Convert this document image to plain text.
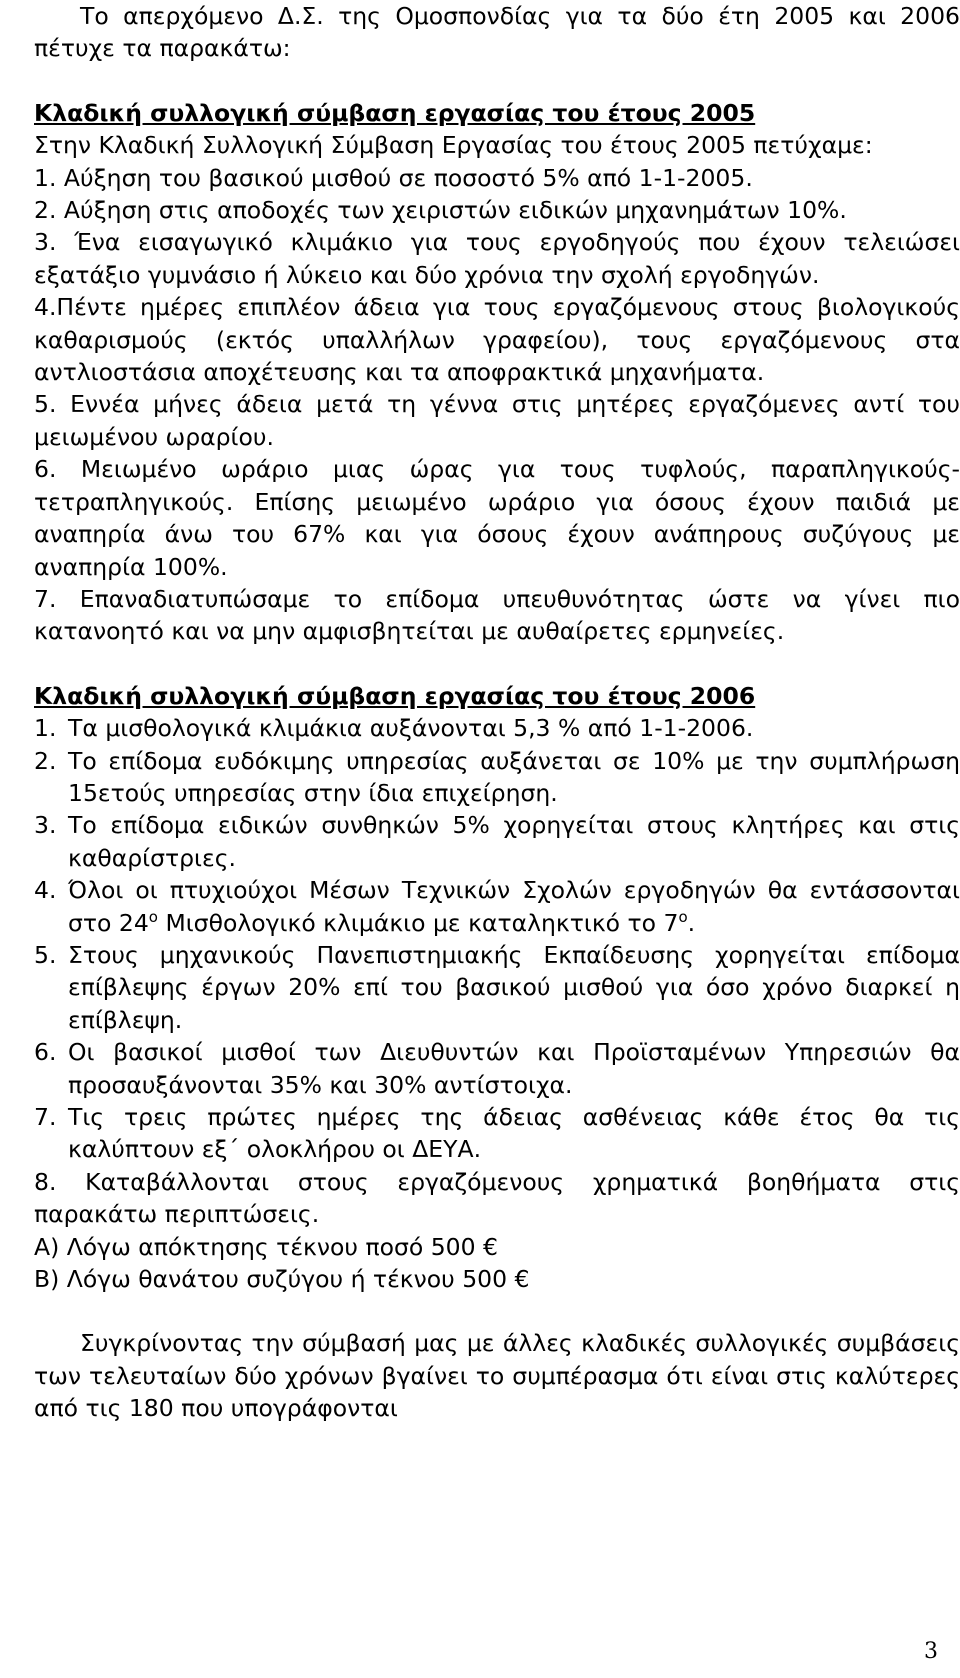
Το απερχόμενο Δ.Σ. της Ομοσπονδίας για τα δύο έτη 2005 και 2006 πέτυχε τα παρακάτω:

Κλαδική συλλογική σύμβαση εργασίας του έτους 2005

Στην Κλαδική Συλλογική Σύμβαση Εργασίας του έτους 2005 πετύχαμε:

1. Αύξηση του βασικού μισθού σε ποσοστό 5% από 1-1-2005.

2. Αύξηση στις αποδοχές των χειριστών ειδικών μηχανημάτων 10%.

3. Ένα εισαγωγικό κλιμάκιο για τους εργοδηγούς που έχουν τελειώσει εξατάξιο γυμνάσιο ή λύκειο και δύο χρόνια την σχολή εργοδηγών.

4.Πέντε ημέρες επιπλέον άδεια για τους εργαζόμενους στους βιολογικούς καθαρισμούς (εκτός υπαλλήλων γραφείου), τους εργαζόμενους στα αντλιοστάσια αποχέτευσης και τα αποφρακτικά μηχανήματα.

5. Εννέα μήνες άδεια μετά τη γέννα στις μητέρες εργαζόμενες αντί του μειωμένου ωραρίου.

6. Μειωμένο ωράριο μιας ώρας για τους τυφλούς, παραπληγικούς-τετραπληγικούς. Επίσης μειωμένο ωράριο για όσους έχουν παιδιά με αναπηρία άνω του 67% και για όσους έχουν ανάπηρους συζύγους με αναπηρία 100%.

7. Επαναδιατυπώσαμε το επίδομα υπευθυνότητας ώστε να γίνει πιο κατανοητό και να μην αμφισβητείται με αυθαίρετες ερμηνείες.

Κλαδική συλλογική σύμβαση εργασίας του έτους 2006

1. Τα μισθολογικά κλιμάκια αυξάνονται 5,3 % από 1-1-2006.
2. Το επίδομα ευδόκιμης υπηρεσίας αυξάνεται σε 10% με την συμπλήρωση 15ετούς υπηρεσίας στην ίδια επιχείρηση.
3. Το επίδομα ειδικών συνθηκών 5% χορηγείται στους κλητήρες και στις καθαρίστριες.
4. Όλοι οι πτυχιούχοι Μέσων Τεχνικών Σχολών εργοδηγών θα εντάσσονται στο $24^o$ Μισθολογικό κλιμάκιο με καταληκτικό το $7^o$.
5. Στους μηχανικούς Πανεπιστημιακής Εκπαίδευσης χορηγείται επίδομα επίβλεψης έργων 20% επί του βασικού μισθού για όσο χρόνο διαρκεί η επίβλεψη.
6. Οι βασικοί μισθοί των Διευθυντών και Προϊσταμένων Υπηρεσιών θα προσαυξάνονται 35% και 30% αντίστοιχα.
7. Τις τρεις πρώτες ημέρες της άδειας ασθένειας κάθε έτος θα τις καλύπτουν εξ΄ ολοκλήρου οι ΔΕΥΑ.

8. Καταβάλλονται στους εργαζόμενους χρηματικά βοηθήματα στις παρακάτω περιπτώσεις.

Α) Λόγω απόκτησης τέκνου ποσό 500 €

Β) Λόγω θανάτου συζύγου ή τέκνου 500 €

Συγκρίνοντας την σύμβασή μας με άλλες κλαδικές συλλογικές συμβάσεις των τελευταίων δύο χρόνων βγαίνει το συμπέρασμα ότι είναι στις καλύτερες από τις 180 που υπογράφονται

3
